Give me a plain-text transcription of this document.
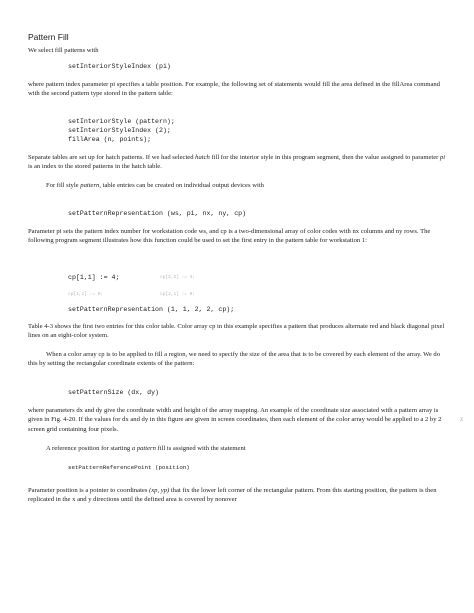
Pattern Fill

We select fill patterns with

setInteriorStyleIndex (pi)

where pattern index parameter pi specifies a table position. For example, the following set of statements would fill the area defined in the fillArea command with the second pattern type stored in the pattern table:

setInteriorStyle (pattern);
setInteriorStyleIndex (2);
fillArea (n, points);

Separate tables are set up for hatch patterns. If we had selected hatch fill for the interior style in this program segment, then the value assigned to parameter pi is an index to the stored patterns in the hatch table.

For fill style pattern, table entries can be created on individual output devices with

setPatternRepresentation (ws, pi, nx, ny, cp)

Parameter pi sets the pattern index number for workstation code ws, and cp is a two-dimensional array of color codes with nx columns and ny rows. The following program segment illustrates how this function could be used to set the first entry in the pattern table for workstation 1:

cp[1,1] := 4;	cp[2,2] := 4;
cp[1,2] := 0;	cp[2,1] := 0;
setPatternRepresentation (1, 1, 2, 2, cp);

Table 4-3 shows the first two entries for this color table. Color array cp in this example specifies a pattern that produces alternate red and black diagonal pixel lines on an eight-color system.

When a color array cp is to be applied to fill a region, we need to specify the size of the area that is to be covered by each element of the array. We do this by setting the rectangular coordinate extents of the pattern:

setPatternSize (dx, dy)

where parameters dx and dy give the coordinate width and height of the array mapping. An example of the coordinate size associated with a pattern array is given in Fig. 4-20. If the values for dx and dy in this figure are given in screen coordinates, then each element of the color array would be applied to a 2 by 2 screen grid containing four pixels.

Z

A reference position for starting a pattern fill is assigned with the statement

setPatternReferencePoint (position)

Parameter position is a pointer to coordinates (xp, yp) that fix the lower left corner of the rectangular pattern. From this starting position, the pattern is then replicated in the x and y directions until the defined area is covered by nonover
